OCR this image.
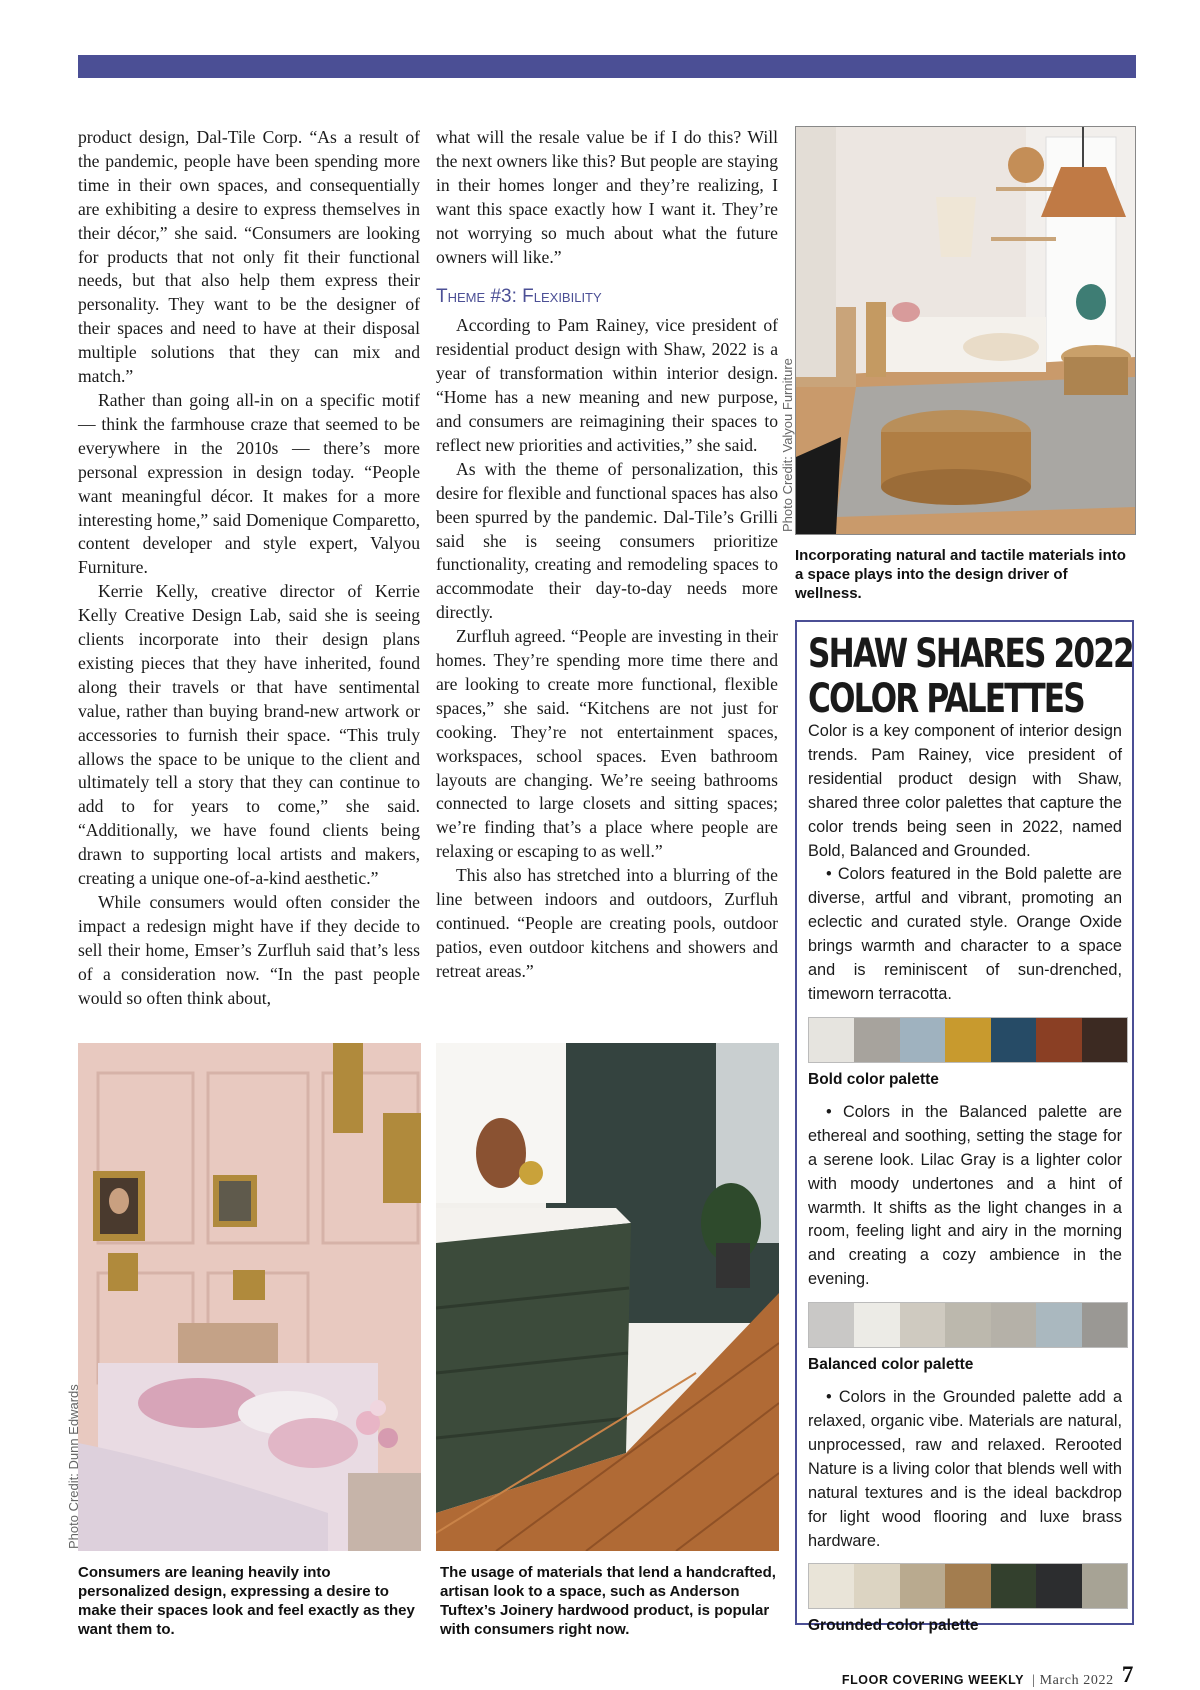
product design, Dal-Tile Corp. “As a result of the pandemic, people have been spending more time in their own spaces, and consequentially are exhibiting a desire to express themselves in their décor,” she said. “Consumers are looking for products that not only fit their functional needs, but that also help them express their personality. They want to be the designer of their spaces and need to have at their disposal multiple solutions that they can mix and match.”

Rather than going all-in on a specific motif — think the farmhouse craze that seemed to be everywhere in the 2010s — there’s more personal expression in design today. “People want meaningful décor. It makes for a more interesting home,” said Domenique Comparetto, content developer and style expert, Valyou Furniture.

Kerrie Kelly, creative director of Kerrie Kelly Creative Design Lab, said she is seeing clients incorporate into their design plans existing pieces that they have inherited, found along their travels or that have sentimental value, rather than buying brand-new artwork or accessories to furnish their space. “This truly allows the space to be unique to the client and ultimately tell a story that they can continue to add to for years to come,” she said. “Additionally, we have found clients being drawn to supporting local artists and makers, creating a unique one-of-a-kind aesthetic.”

While consumers would often consider the impact a redesign might have if they decide to sell their home, Emser’s Zurfluh said that’s less of a consideration now. “In the past people would so often think about,

what will the resale value be if I do this? Will the next owners like this? But people are staying in their homes longer and they’re realizing, I want this space exactly how I want it. They’re not worrying so much about what the future owners will like.”

Theme #3: Flexibility

According to Pam Rainey, vice president of residential product design with Shaw, 2022 is a year of transformation within interior design. “Home has a new meaning and new purpose, and consumers are reimagining their spaces to reflect new priorities and activities,” she said.

As with the theme of personalization, this desire for flexible and functional spaces has also been spurred by the pandemic. Dal-Tile’s Grilli said she is seeing consumers prioritize functionality, creating and remodeling spaces to accommodate their day-to-day needs more directly.

Zurfluh agreed. “People are investing in their homes. They’re spending more time there and are looking to create more functional, flexible spaces,” she said. “Kitchens are not just for cooking. They’re not entertainment spaces, workspaces, school spaces. Even bathroom layouts are changing. We’re seeing bathrooms connected to large closets and sitting spaces; we’re finding that’s a place where people are relaxing or escaping to as well.”

This also has stretched into a blurring of the line between indoors and outdoors, Zurfluh continued. “People are creating pools, outdoor patios, even outdoor kitchens and showers and retreat areas.”

Photo Credit: Valyou Furniture
Incorporating natural and tactile materials into a space plays into the design driver of wellness.
Photo Credit: Dunn Edwards
Consumers are leaning heavily into personalized design, expressing a desire to make their spaces look and feel exactly as they want them to.
The usage of materials that lend a handcrafted, artisan look to a space, such as Anderson Tuftex’s Joinery hardwood product, is popular with consumers right now.
SHAW SHARES 2022
COLOR PALETTES

Color is a key component of interior design trends. Pam Rainey, vice president of residential product design with Shaw, shared three color palettes that capture the color trends being seen in 2022, named Bold, Balanced and Grounded.

• Colors featured in the Bold palette are diverse, artful and vibrant, promoting an eclectic and curated style. Orange Oxide brings warmth and character to a space and is reminiscent of sun-drenched, timeworn terracotta.

Bold color palette

• Colors in the Balanced palette are ethereal and soothing, setting the stage for a serene look. Lilac Gray is a lighter color with moody undertones and a hint of warmth. It shifts as the light changes in a room, feeling light and airy in the morning and creating a cozy ambience in the evening.

Balanced color palette

• Colors in the Grounded palette add a relaxed, organic vibe. Materials are natural, unprocessed, raw and relaxed. Rerooted Nature is a living color that blends well with natural textures and is the ideal backdrop for light wood flooring and luxe brass hardware.

Grounded color palette

FLOOR COVERING WEEKLY | March 2022 7
